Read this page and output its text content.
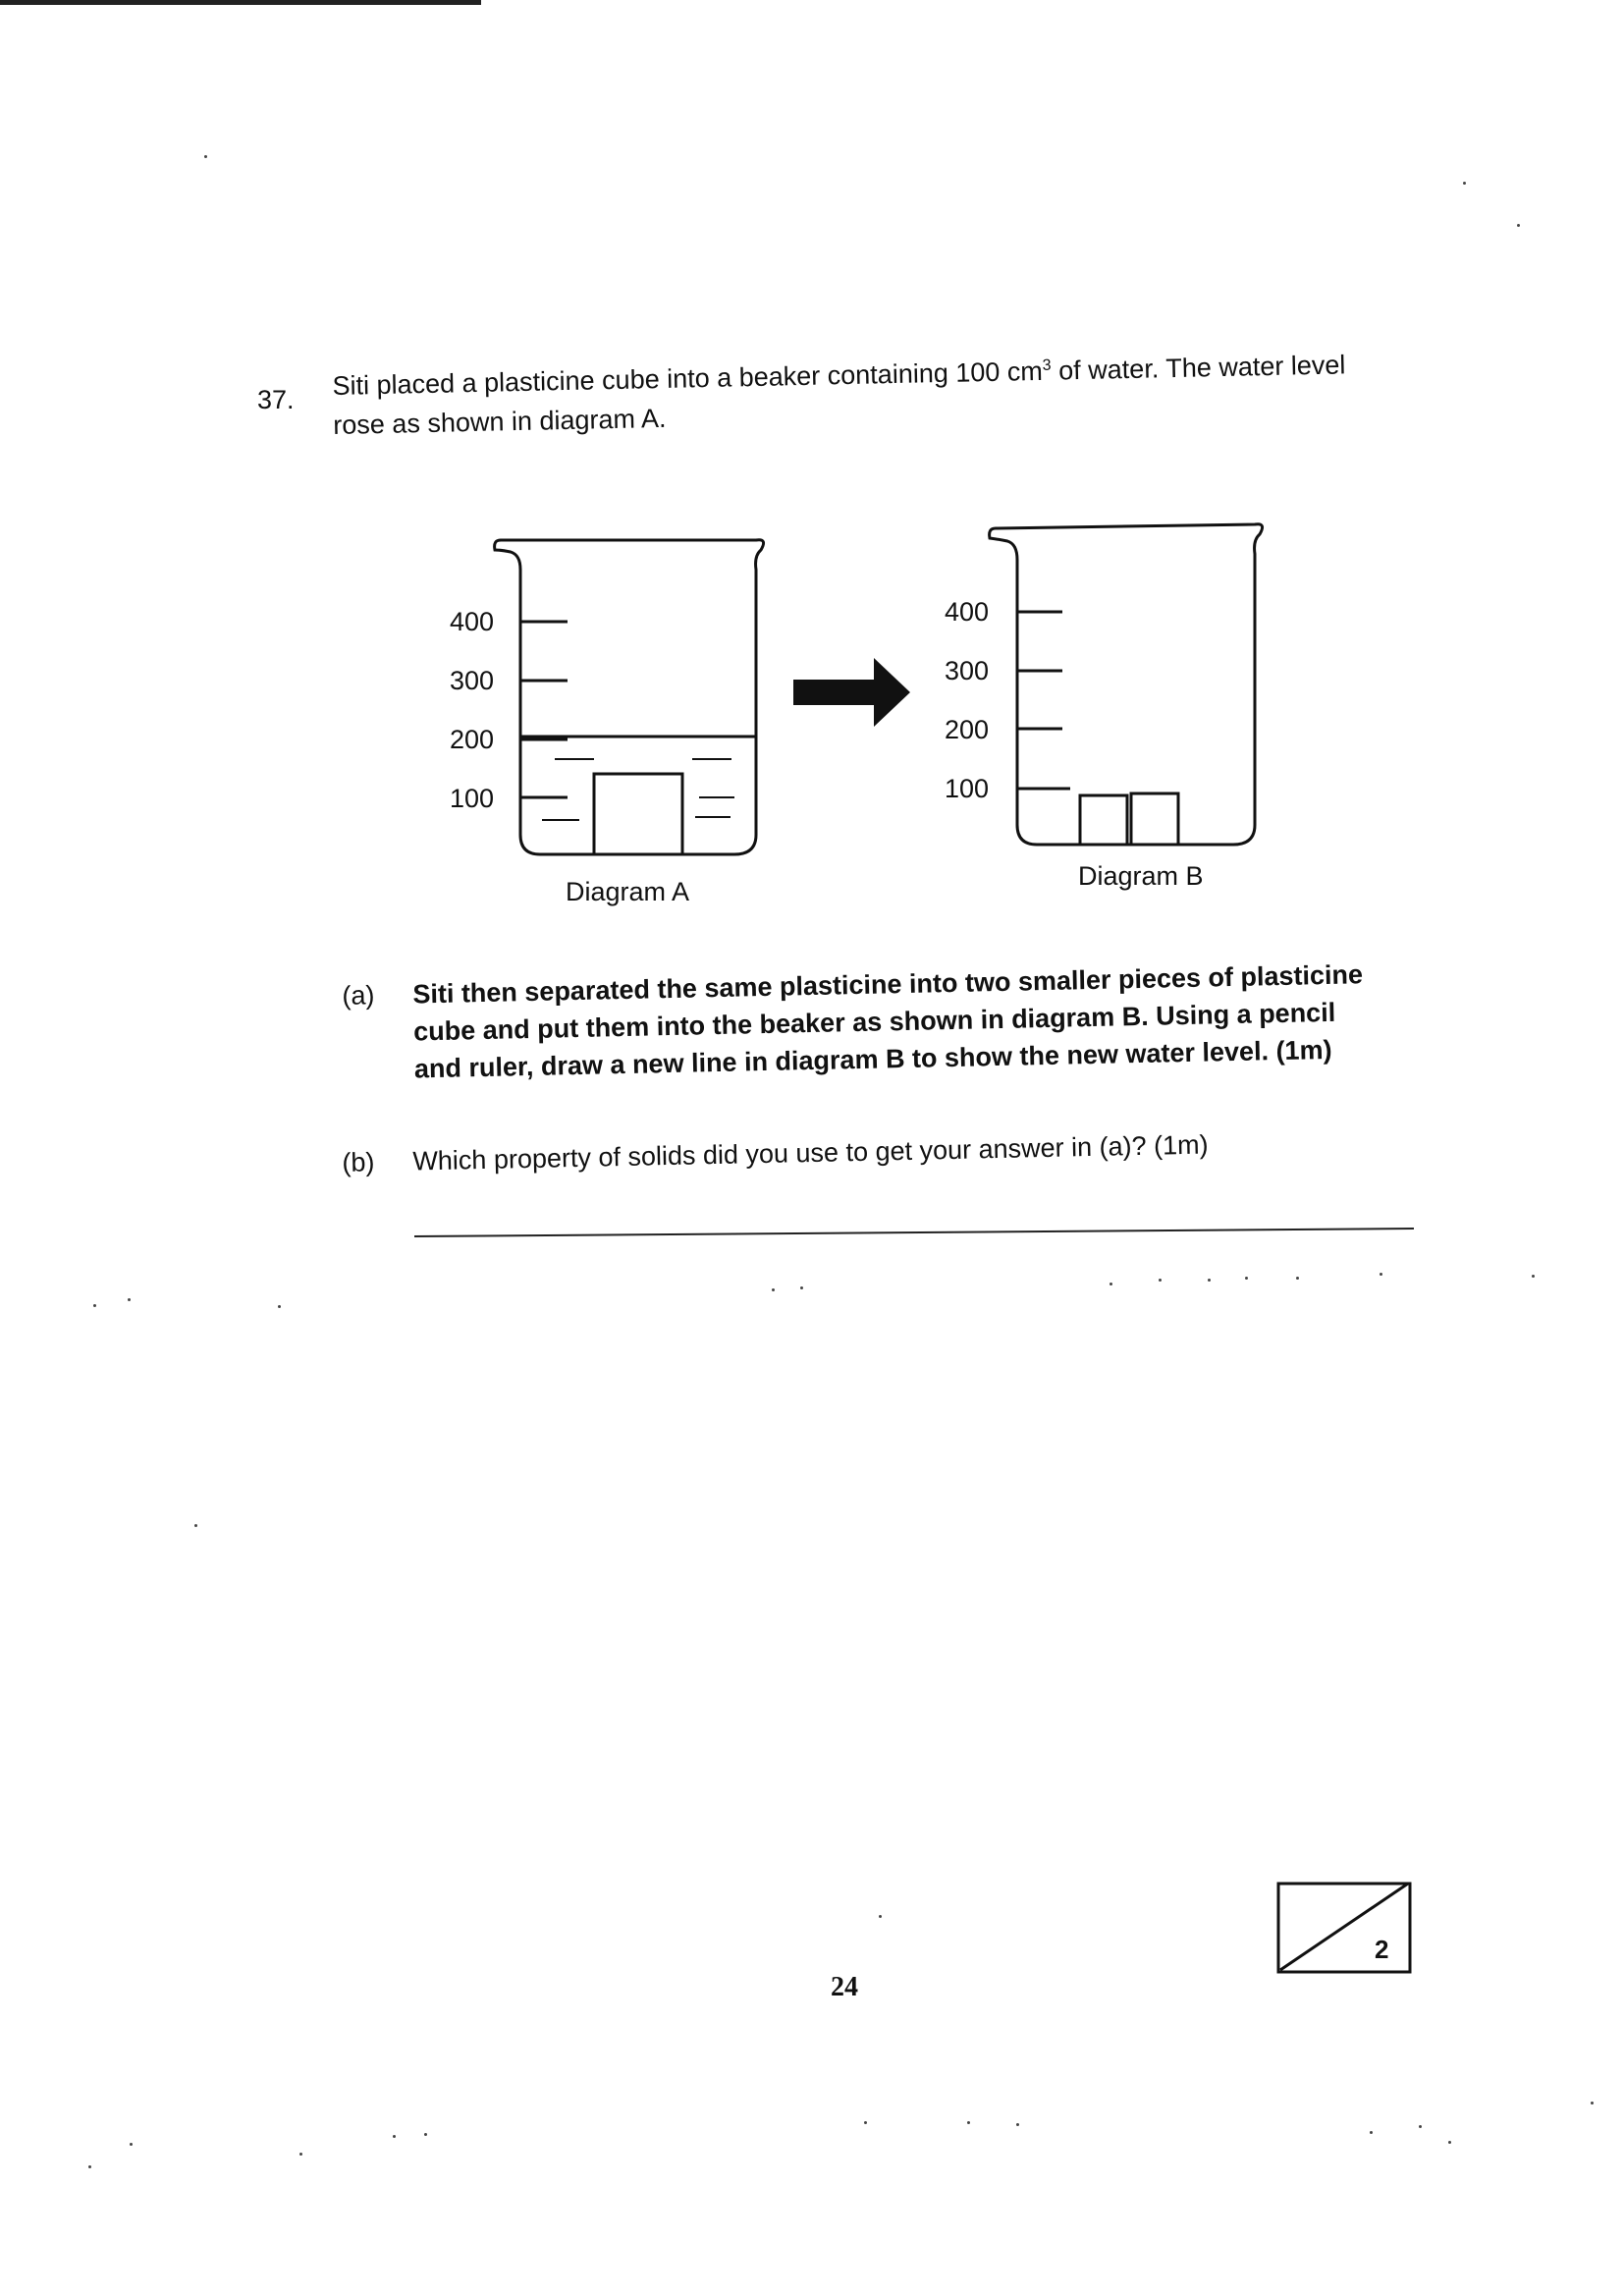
37. Siti placed a plasticine cube into a beaker containing 100 $cm^3$ of water. The water level rose as shown in diagram A.
400
300
200
100
Diagram A
400
300
200
100
Diagram B
(a) Siti then separated the same plasticine into two smaller pieces of plasticine cube and put them into the beaker as shown in diagram B. Using a pencil and ruler, draw a new line in diagram B to show the new water level. (1m)
(b) Which property of solids did you use to get your answer in (a)? (1m)
24
2
